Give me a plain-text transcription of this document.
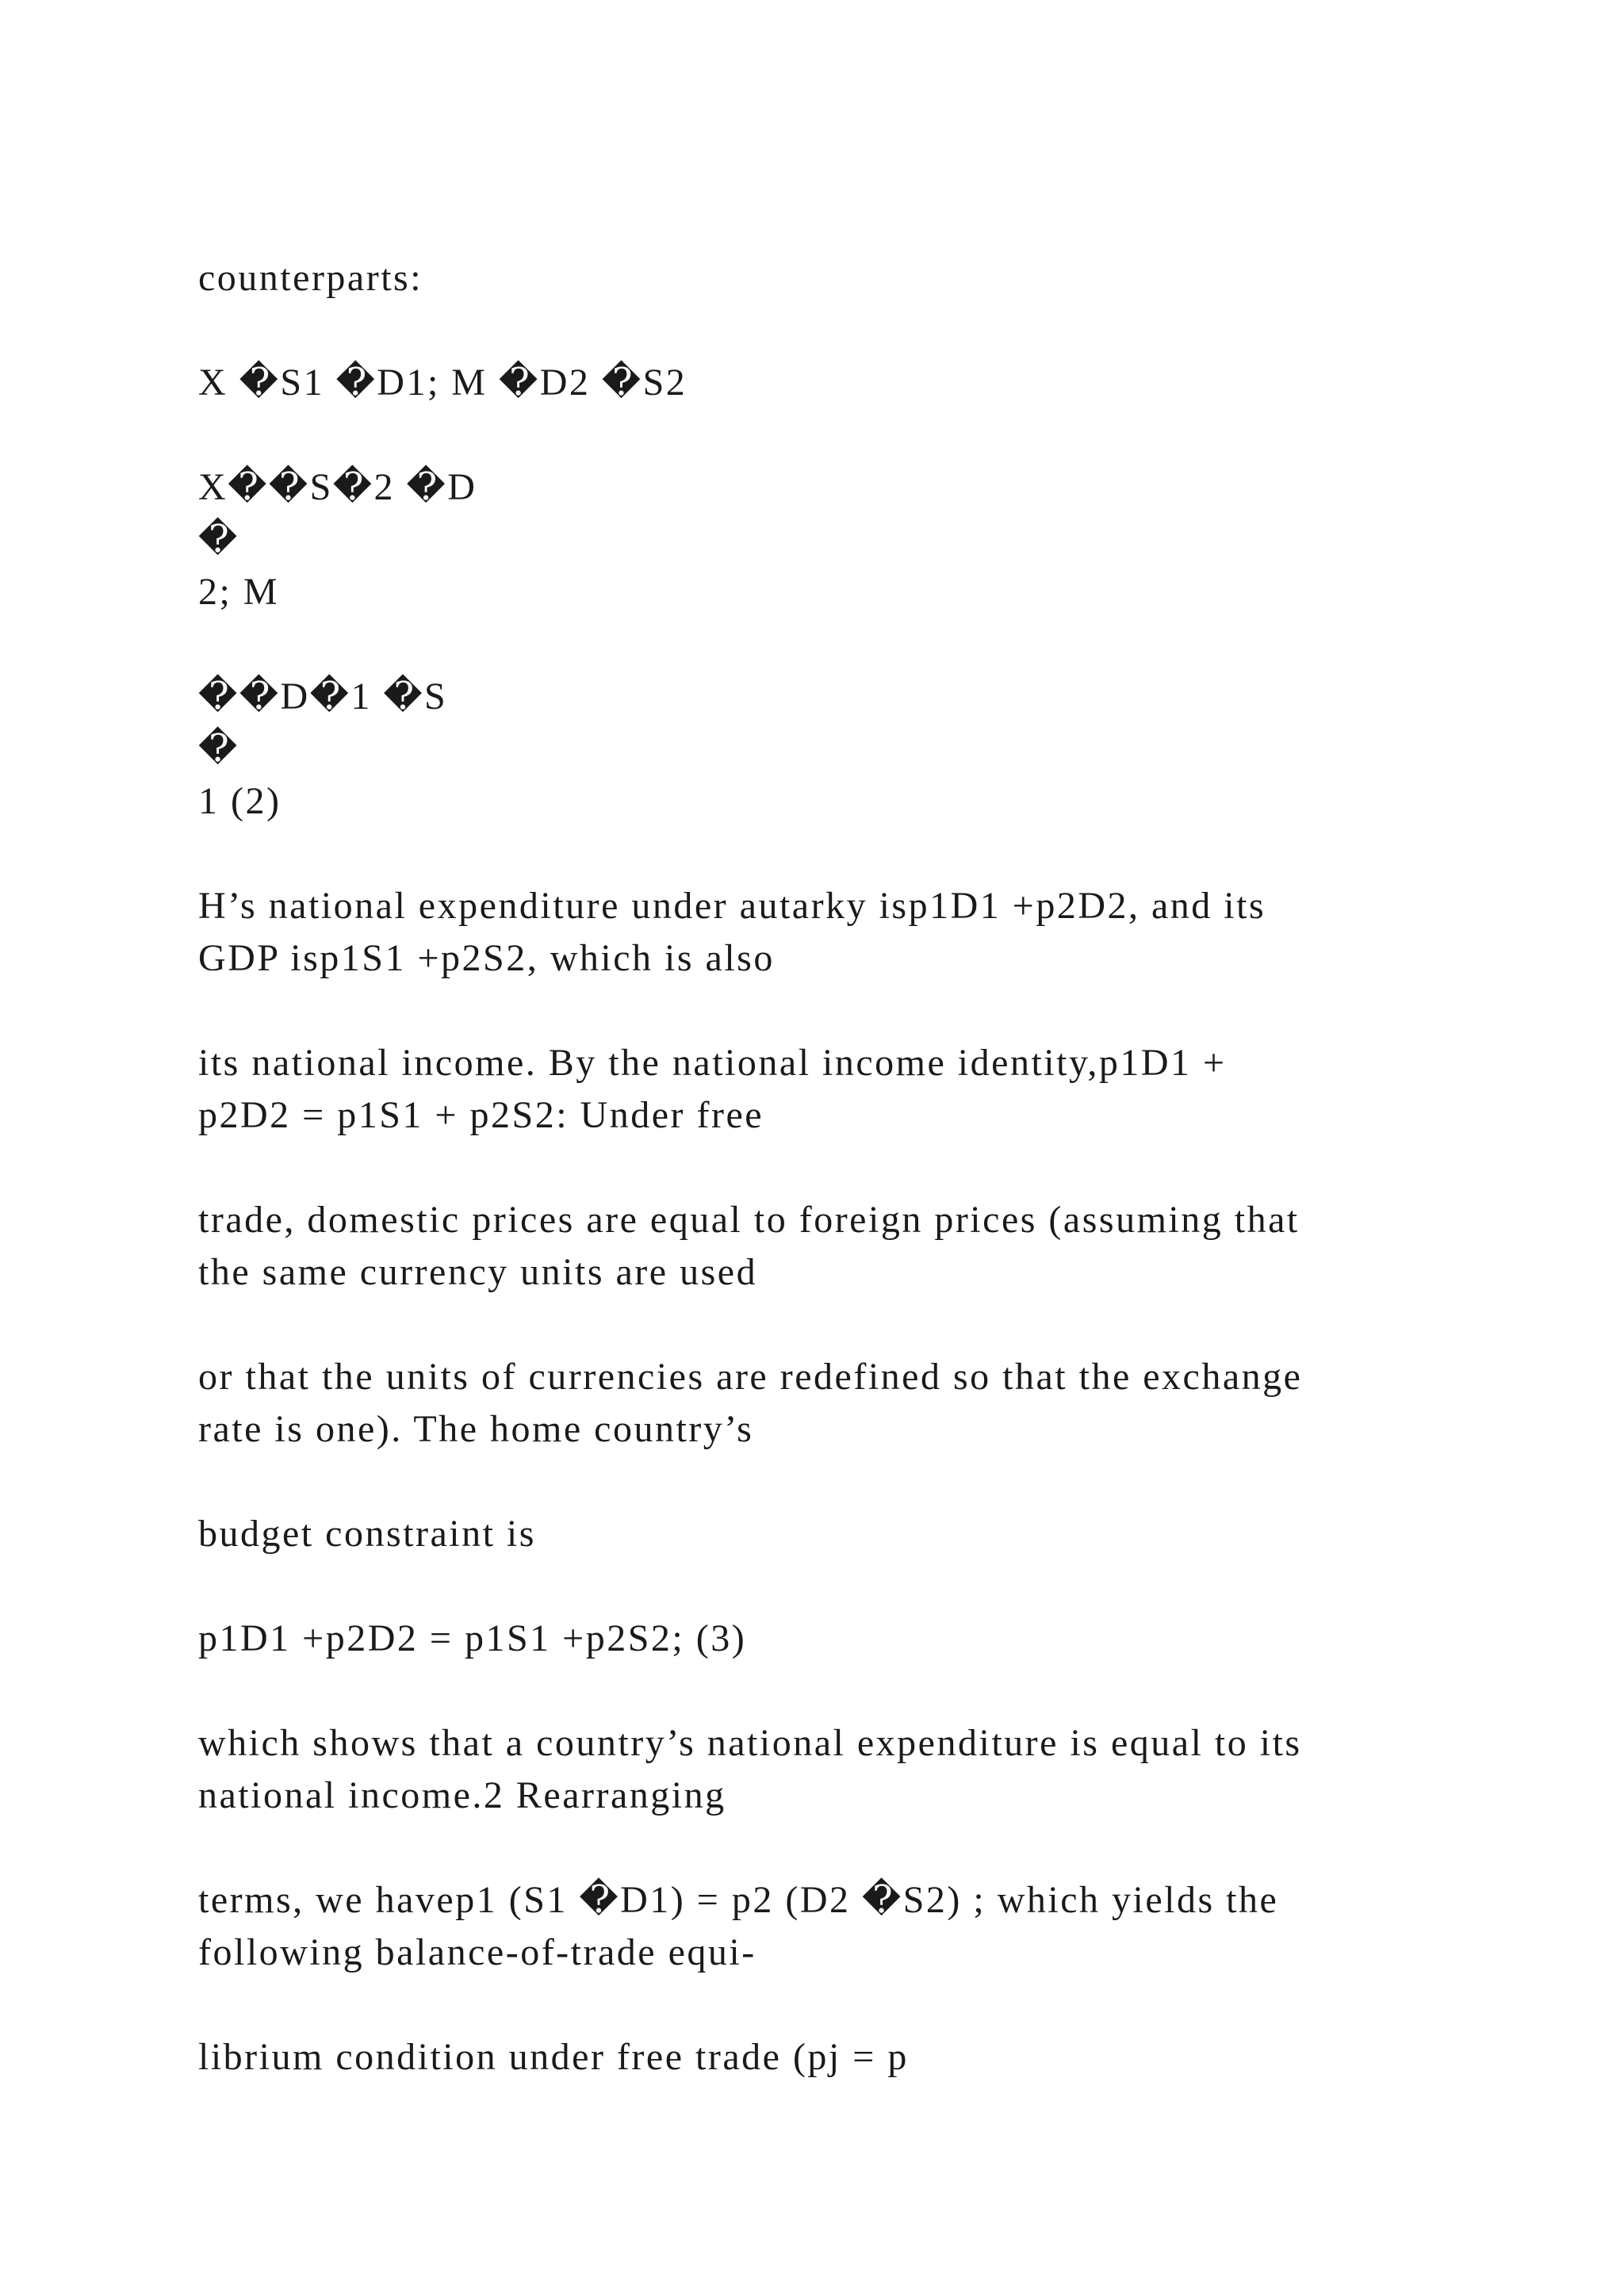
counterparts:
X �S1 �D1; M �D2 �S2
X��S�2 �D
�
2; M
��D�1 �S
�
1 (2)
H’s national expenditure under autarky isp1D1 +p2D2, and its
GDP isp1S1 +p2S2, which is also
its national income. By the national income identity,p1D1 +
p2D2 = p1S1 + p2S2: Under free
trade, domestic prices are equal to foreign prices (assuming that
the same currency units are used
or that the units of currencies are redefined so that the exchange
rate is one). The home country’s
budget constraint is
p1D1 +p2D2 = p1S1 +p2S2; (3)
which shows that a country’s national expenditure is equal to its
national income.2 Rearranging
terms, we havep1 (S1 �D1) = p2 (D2 �S2) ; which yields the
following balance-of-trade equi-
librium condition under free trade (pj = p
